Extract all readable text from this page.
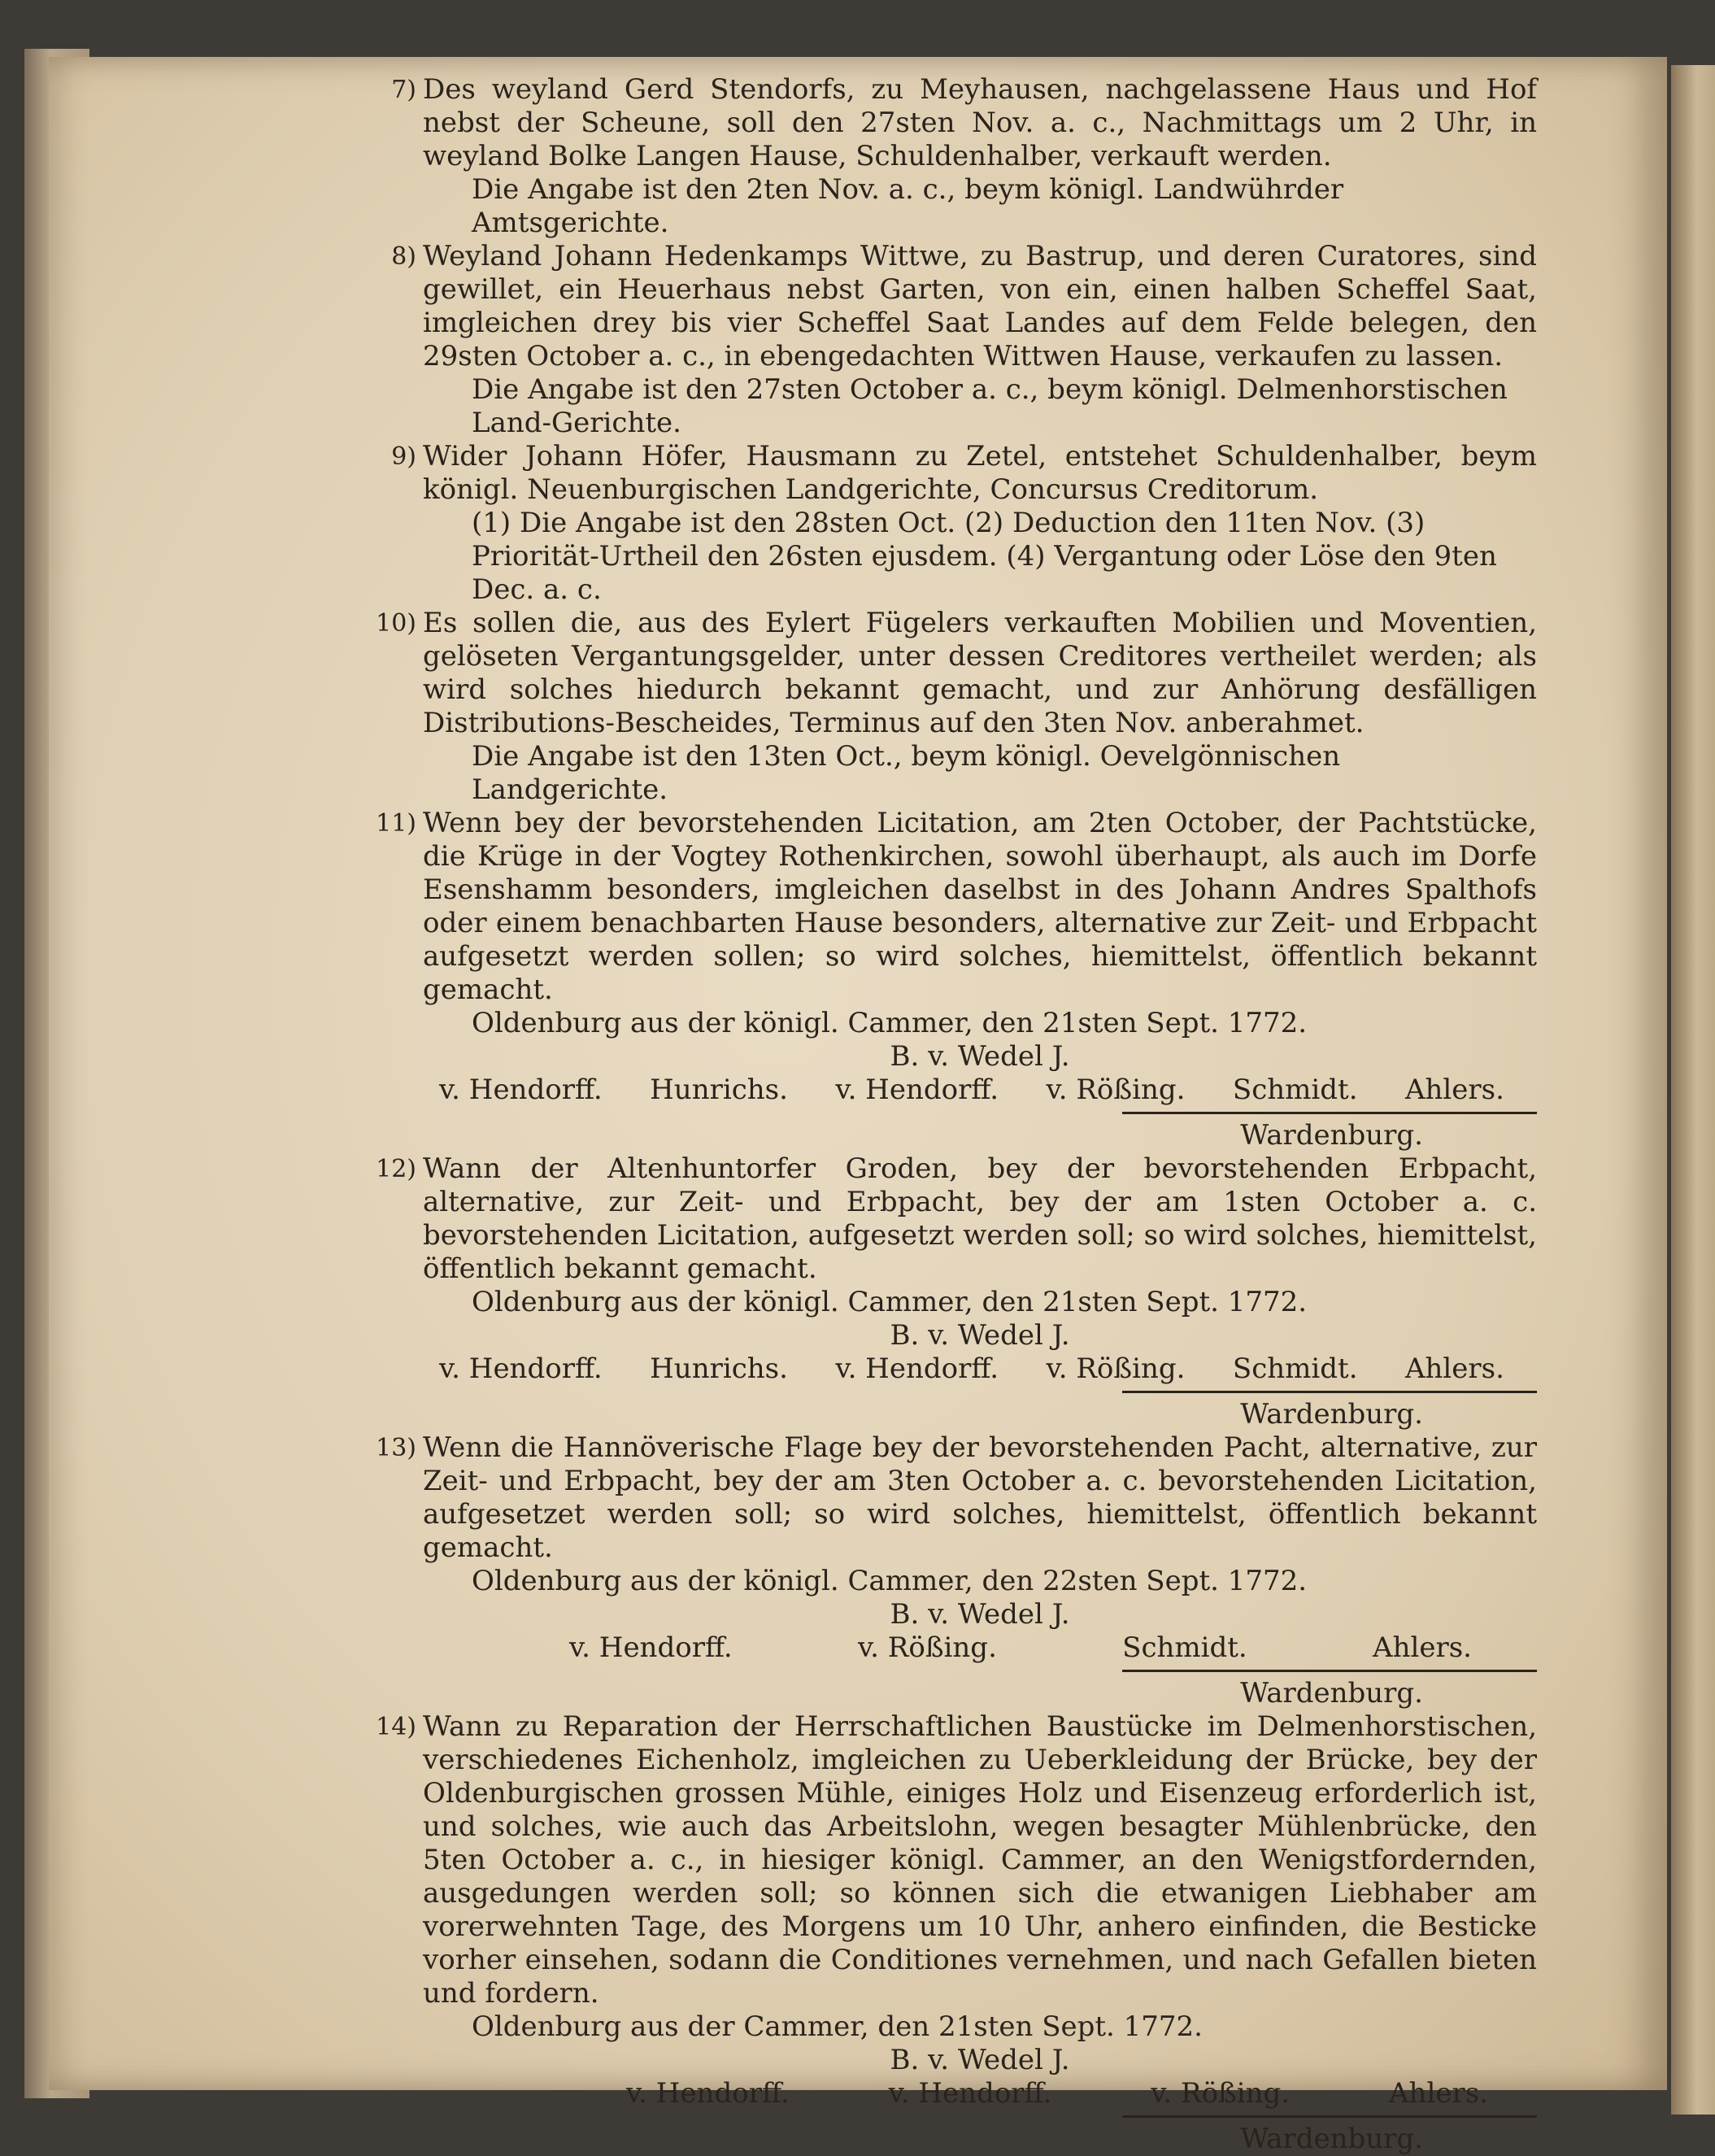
7) Des weyland Gerd Stendorfs, zu Meyhausen, nachgelassene Haus und Hof nebst der Scheune, soll den 27sten Nov. a. c., Nachmittags um 2 Uhr, in weyland Bolke Langen Hause, Schuldenhalber, verkauft werden.
Die Angabe ist den 2ten Nov. a. c., beym königl. Landwührder Amtsgerichte.
8) Weyland Johann Hedenkamps Wittwe, zu Bastrup, und deren Curatores, sind gewillet, ein Heuerhaus nebst Garten, von ein, einen halben Scheffel Saat, imgleichen drey bis vier Scheffel Saat Landes auf dem Felde belegen, den 29sten October a. c., in ebengedachten Wittwen Hause, verkaufen zu lassen.
Die Angabe ist den 27sten October a. c., beym königl. Delmenhorstischen Land-Gerichte.
9) Wider Johann Höfer, Hausmann zu Zetel, entstehet Schuldenhalber, beym königl. Neuenburgischen Landgerichte, Concursus Creditorum.
(1) Die Angabe ist den 28sten Oct. (2) Deduction den 11ten Nov. (3) Priorität-Urtheil den 26sten ejusdem. (4) Vergantung oder Löse den 9ten Dec. a. c.
10) Es sollen die, aus des Eylert Fügelers verkauften Mobilien und Moventien, gelöseten Vergantungsgelder, unter dessen Creditores vertheilet werden; als wird solches hiedurch bekannt gemacht, und zur Anhörung desfälligen Distributions-Bescheides, Terminus auf den 3ten Nov. anberahmet.
Die Angabe ist den 13ten Oct., beym königl. Oevelgönnischen Landgerichte.
11) Wenn bey der bevorstehenden Licitation, am 2ten October, der Pachtstücke, die Krüge in der Vogtey Rothenkirchen, sowohl überhaupt, als auch im Dorfe Esenshamm besonders, imgleichen daselbst in des Johann Andres Spalthofs oder einem benachbarten Hause besonders, alternative zur Zeit- und Erbpacht aufgesetzt werden sollen; so wird solches, hiemittelst, öffentlich bekannt gemacht.
Oldenburg aus der königl. Cammer, den 21sten Sept. 1772.
B. v. Wedel J.
v. Hendorff. Hunrichs. v. Hendorff. v. Rößing. Schmidt. Ahlers.
Wardenburg.
12) Wann der Altenhuntorfer Groden, bey der bevorstehenden Erbpacht, alternative, zur Zeit- und Erbpacht, bey der am 1sten October a. c. bevorstehenden Licitation, aufgesetzt werden soll; so wird solches, hiemittelst, öffentlich bekannt gemacht.
Oldenburg aus der königl. Cammer, den 21sten Sept. 1772.
B. v. Wedel J.
v. Hendorff. Hunrichs. v. Hendorff. v. Rößing. Schmidt. Ahlers.
Wardenburg.
13) Wenn die Hannöverische Flage bey der bevorstehenden Pacht, alternative, zur Zeit- und Erbpacht, bey der am 3ten October a. c. bevorstehenden Licitation, aufgesetzet werden soll; so wird solches, hiemittelst, öffentlich bekannt gemacht.
Oldenburg aus der königl. Cammer, den 22sten Sept. 1772.
B. v. Wedel J.
v. Hendorff.	v. Rößing.	Schmidt.	Ahlers.
Wardenburg.
14) Wann zu Reparation der Herrschaftlichen Baustücke im Delmenhorstischen, verschiedenes Eichenholz, imgleichen zu Ueberkleidung der Brücke, bey der Oldenburgischen grossen Mühle, einiges Holz und Eisenzeug erforderlich ist, und solches, wie auch das Arbeitslohn, wegen besagter Mühlenbrücke, den 5ten October a. c., in hiesiger königl. Cammer, an den Wenigstfordernden, ausgedungen werden soll; so können sich die etwanigen Liebhaber am vorerwehnten Tage, des Morgens um 10 Uhr, anhero einfinden, die Besticke vorher einsehen, sodann die Conditiones vernehmen, und nach Gefallen bieten und fordern.
Oldenburg aus der Cammer, den 21sten Sept. 1772.
B. v. Wedel J.
v. Hendorff.	v. Hendorff.	v. Rößing.	Ahlers.
Wardenburg.
